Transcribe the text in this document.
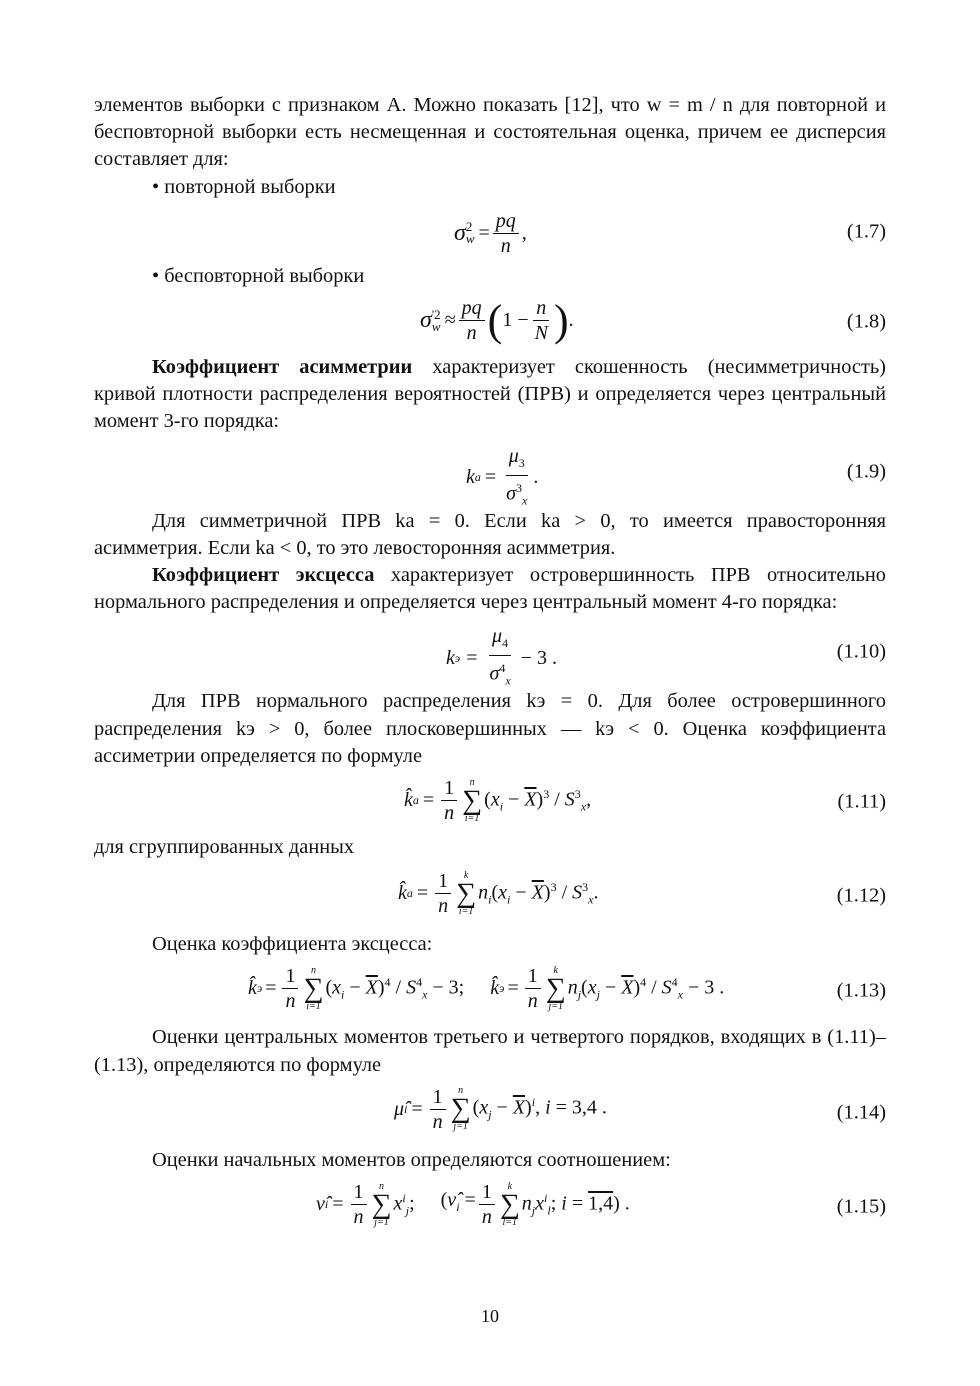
элементов выборки с признаком A. Можно показать [12], что w = m / n для повторной и бесповторной выборки есть несмещенная и состоятельная оценка, причем ее дисперсия составляет для:

• повторной выборки

σ 2
$w = \frac{pq}{n}$ ,	(1.7)

• бесповторной выборки

σ '2
$w \approx \frac{pq}{n}$ ( $1 - \frac{n}{N}$ ) .	(1.8)

Коэффициент асимметрии характеризует скошенность (несимметричность) кривой плотности распределения вероятностей (ПРВ) и определяется через центральный момент 3-го порядка:

k $a = \frac{\mu_3}{\sigma^3_x}$ .	(1.9)

Для симметричной ПРВ kа = 0. Если kа > 0, то имеется правосторонняя асимметрия. Если kа < 0, то это левосторонняя асимметрия.

Коэффициент эксцесса характеризует островершинность ПРВ относительно нормального распределения и определяется через центральный момент 4-го порядка:

k $э = \frac{\mu_4}{\sigma^4_x} - 3$ .	(1.10)

Для ПРВ нормального распределения kэ = 0. Для более островершинного распределения kэ > 0, более плосковершинных — kэ < 0. Оценка коэффициента ассиметрии определяется по формуле

k̂ $a = \frac{1}{n}$ n
∑
i=1
$(x_i - \overline{X})^3 / S^3_x$,	(1.11)

для сгруппированных данных

k̂ $a = \frac{1}{n}$ k
∑
i=1
$n_i(x_i - \overline{X})^3 / S^3_x$.	(1.12)

Оценка коэффициента эксцесса:

k̂ $э = \frac{1}{n}$ n
∑
i=1
$(x_i - \overline{X})^4 / S^4_x - 3$; k̂ $э = \frac{1}{n}$ k
∑
j=1
$n_j(x_j - \overline{X})^4 / S^4_x - 3$ .	(1.13)

Оценки центральных моментов третьего и четвертого порядков, входящих в (1.11)–(1.13), определяются по формуле

μ̂ $i = \frac{1}{n}$ n
∑
j=1
$(x_j - \overline{X})^i$, i = 3,4 .	(1.14)

Оценки начальных моментов определяются соотношением:

ν̂ $i = \frac{1}{n}$ n
∑
j=1
$x^i_j$; ($\nû_i = \frac{1}{n}$ k
∑
l=1
$n_jx^i_l$; i = 1,4) .	(1.15)
10
